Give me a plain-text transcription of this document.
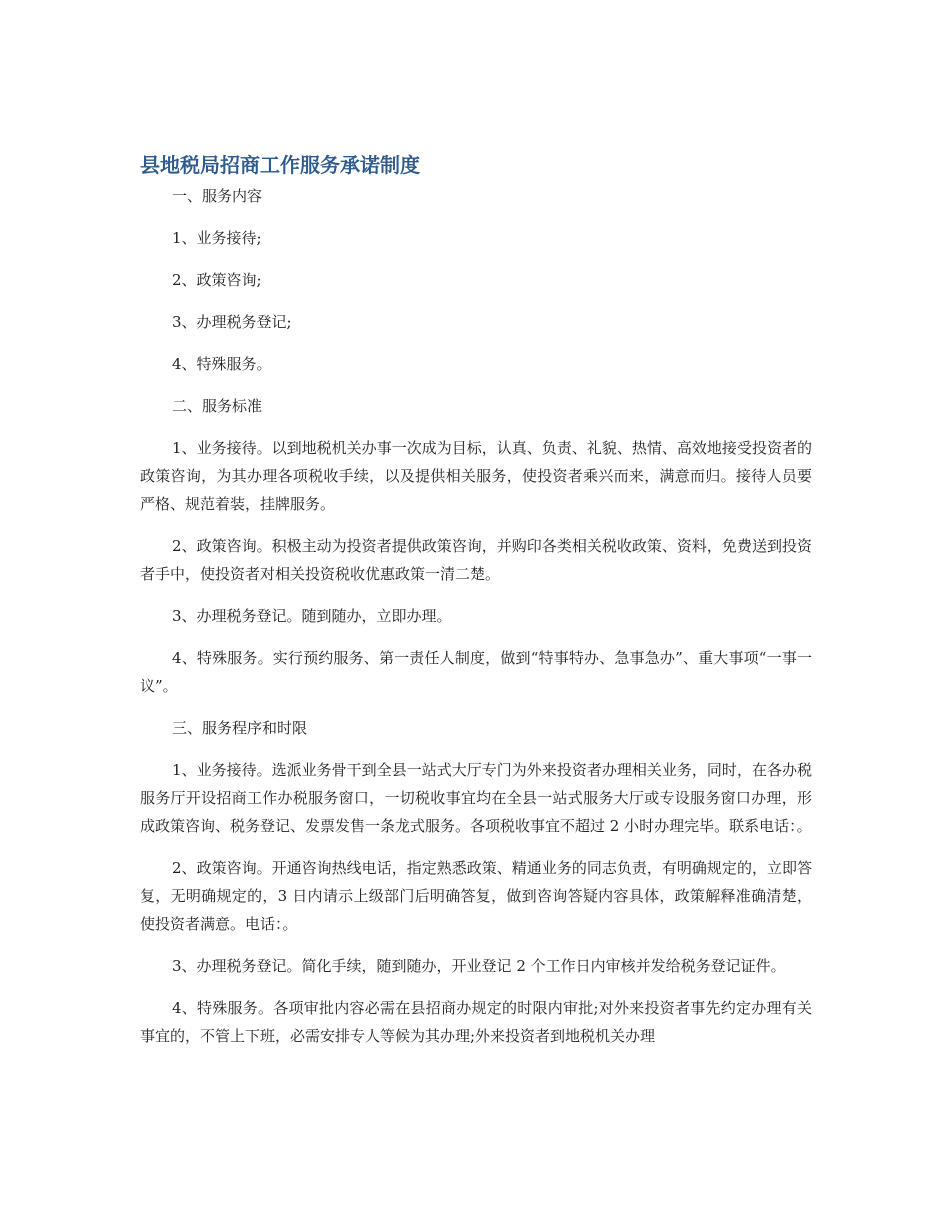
县地税局招商工作服务承诺制度

一、服务内容

1、业务接待;

2、政策咨询;

3、办理税务登记;

4、特殊服务。

二、服务标准

1、业务接待。以到地税机关办事一次成为目标，认真、负责、礼貌、热情、高效地接受投资者的政策咨询，为其办理各项税收手续，以及提供相关服务，使投资者乘兴而来，满意而归。接待人员要严格、规范着装，挂牌服务。

2、政策咨询。积极主动为投资者提供政策咨询，并购印各类相关税收政策、资料，免费送到投资者手中，使投资者对相关投资税收优惠政策一清二楚。

3、办理税务登记。随到随办，立即办理。

4、特殊服务。实行预约服务、第一责任人制度，做到“特事特办、急事急办”、重大事项“一事一议”。

三、服务程序和时限

1、业务接待。选派业务骨干到全县一站式大厅专门为外来投资者办理相关业务，同时，在各办税服务厅开设招商工作办税服务窗口，一切税收事宜均在全县一站式服务大厅或专设服务窗口办理，形成政策咨询、税务登记、发票发售一条龙式服务。各项税收事宜不超过 2 小时办理完毕。联系电话：。

2、政策咨询。开通咨询热线电话，指定熟悉政策、精通业务的同志负责，有明确规定的，立即答复，无明确规定的，3 日内请示上级部门后明确答复，做到咨询答疑内容具体，政策解释准确清楚，使投资者满意。电话：。

3、办理税务登记。简化手续，随到随办，开业登记 2 个工作日内审核并发给税务登记证件。

4、特殊服务。各项审批内容必需在县招商办规定的时限内审批;对外来投资者事先约定办理有关事宜的，不管上下班，必需安排专人等候为其办理;外来投资者到地税机关办理
